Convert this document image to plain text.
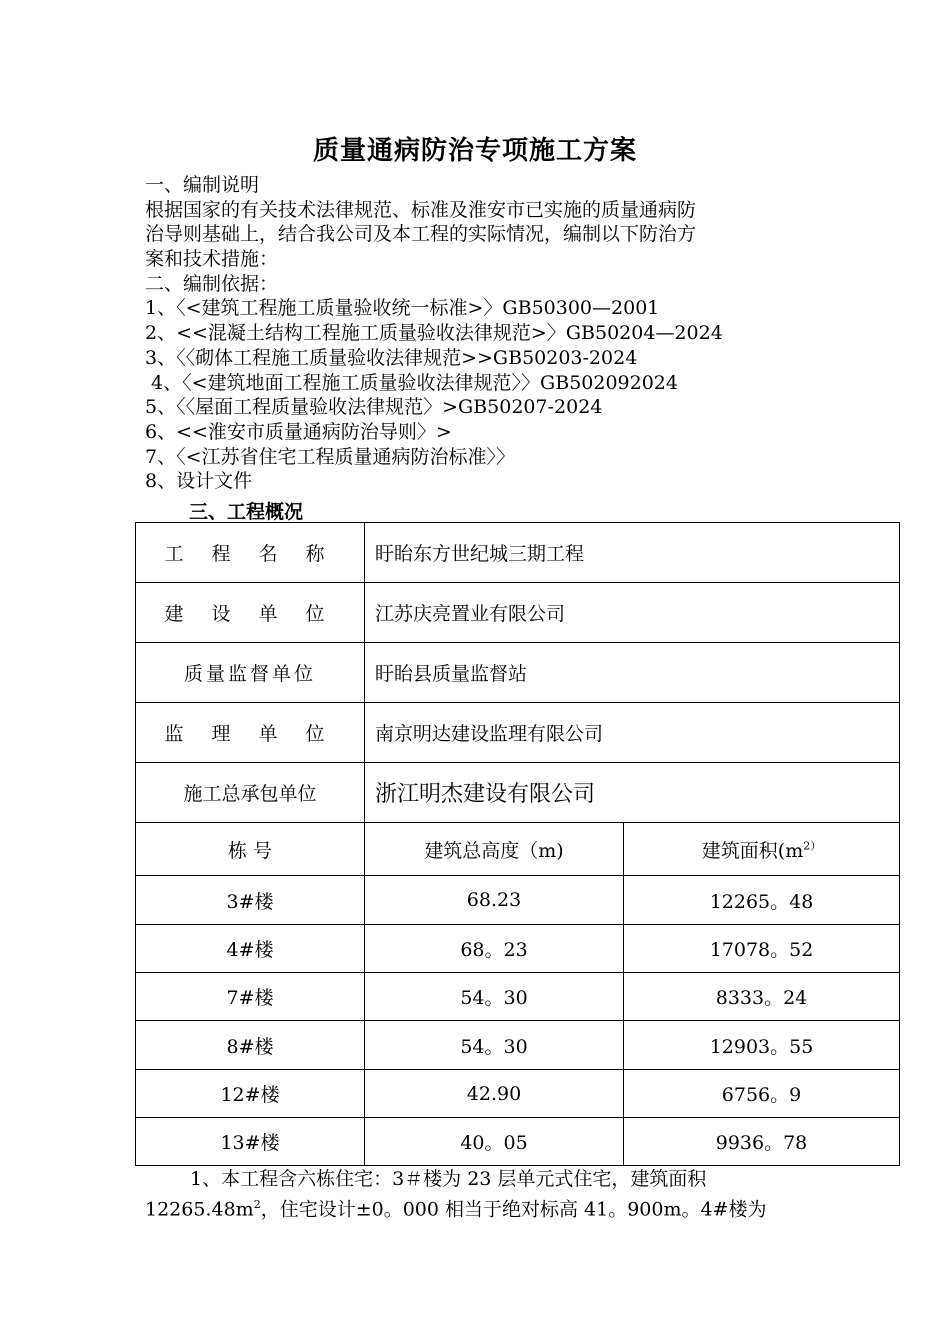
质量通病防治专项施工方案
一、编制说明
根据国家的有关技术法律规范、标准及淮安市已实施的质量通病防
治导则基础上，结合我公司及本工程的实际情况，编制以下防治方
案和技术措施：
二、编制依据：
1、〈<建筑工程施工质量验收统一标准>〉GB50300—2001
2、<<混凝土结构工程施工质量验收法律规范>〉GB50204—2024
3、〈〈砌体工程施工质量验收法律规范>>GB50203-2024
4、〈<建筑地面工程施工质量验收法律规范〉〉GB502092024
5、〈〈屋面工程质量验收法律规范〉>GB50207-2024
6、<<淮安市质量通病防治导则〉>
7、〈<江苏省住宅工程质量通病防治标准〉〉
8、设计文件
三、工程概况
工 程 名 称	盱眙东方世纪城三期工程	
建 设 单 位	江苏庆亮置业有限公司	
质量监督单位	盱眙县质量监督站	
监 理 单 位	南京明达建设监理有限公司	
施工总承包单位	浙江明杰建设有限公司	
栋 号	建筑总高度（m)	建筑面积($m^{2)}$
3#楼	68.23	12265。48
4#楼	68。23	17078。52
7#楼	54。30	8333。24
8#楼	54。30	12903。55
12#楼	42.90	6756。9
13#楼	40。05	9936。78
1、本工程含六栋住宅：3＃楼为 23 层单元式住宅，建筑面积
$12265.48m^2$，住宅设计±0。000 相当于绝对标高 41。900m。4#楼为
